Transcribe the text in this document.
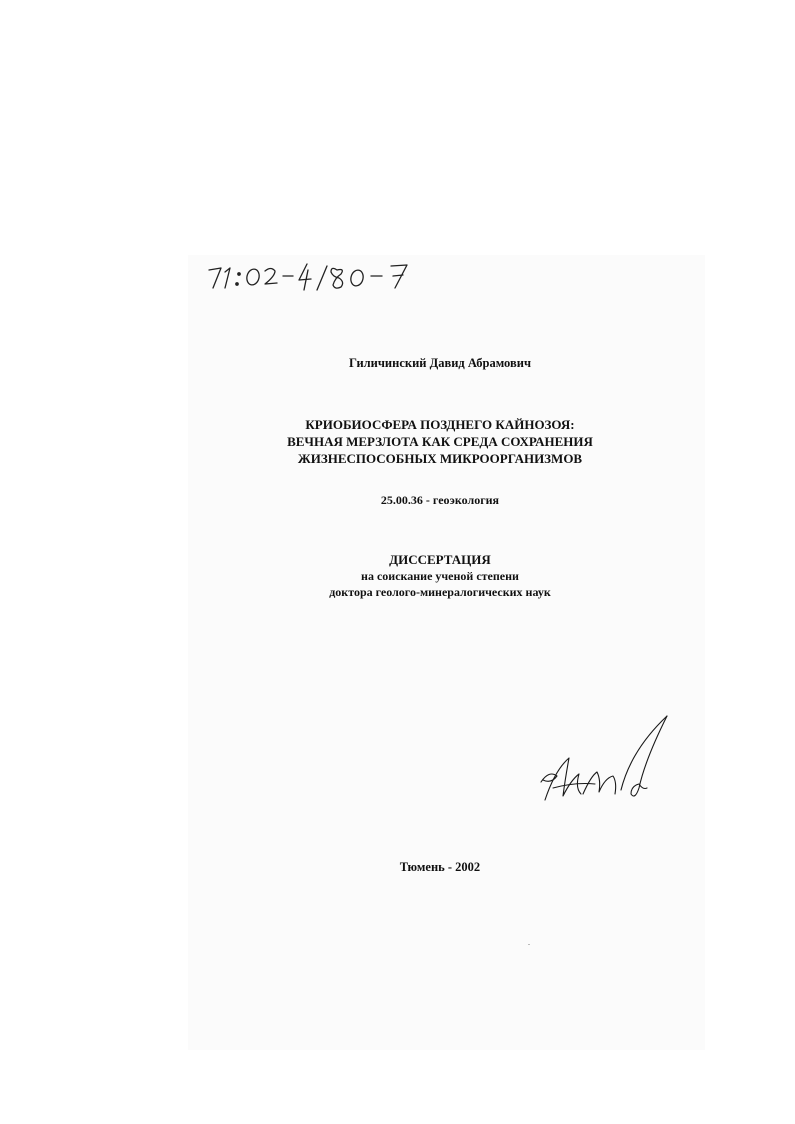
Гиличинский Давид Абрамович
КРИОБИОСФЕРА ПОЗДНЕГО КАЙНОЗОЯ:
ВЕЧНАЯ МЕРЗЛОТА КАК СРЕДА СОХРАНЕНИЯ
ЖИЗНЕСПОСОБНЫХ МИКРООРГАНИЗМОВ
25.00.36 - геоэкология
ДИССЕРТАЦИЯ
на соискание ученой степени
доктора геолого-минералогических наук
Тюмень - 2002
